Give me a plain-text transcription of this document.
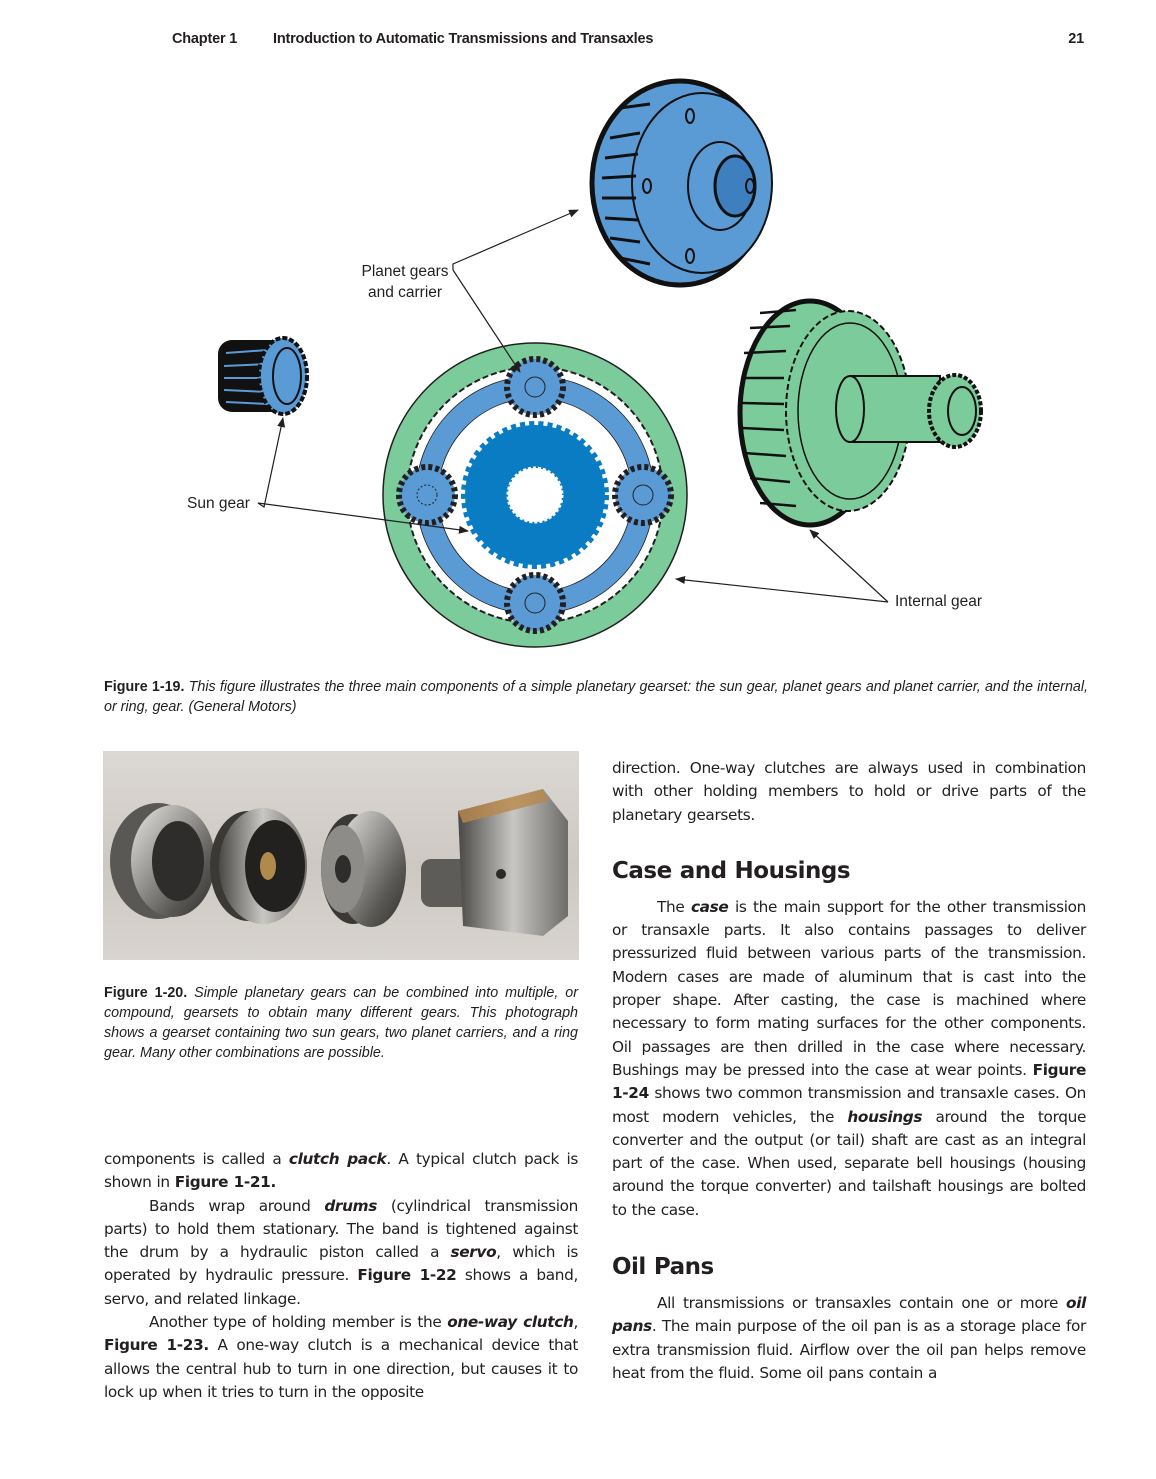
Chapter 1 Introduction to Automatic Transmissions and Transaxles	21
Planet gears
and carrier
Sun gear
Internal gear
Figure 1-19. This figure illustrates the three main components of a simple planetary gearset: the sun gear, planet gears and planet carrier, and the internal, or ring, gear. (General Motors)
Figure 1-20. Simple planetary gears can be combined into multiple, or compound, gearsets to obtain many different gears. This photograph shows a gearset containing two sun gears, two planet carriers, and a ring gear. Many other combinations are possible.

components is called a clutch pack. A typical clutch pack is shown in Figure 1-21.

Bands wrap around drums (cylindrical transmission parts) to hold them stationary. The band is tightened against the drum by a hydraulic piston called a servo, which is operated by hydraulic pressure. Figure 1-22 shows a band, servo, and related linkage.

Another type of holding member is the one-way clutch, Figure 1-23. A one-way clutch is a mechanical device that allows the central hub to turn in one direction, but causes it to lock up when it tries to turn in the opposite

direction. One-way clutches are always used in combination with other holding members to hold or drive parts of the planetary gearsets.

Case and Housings

The case is the main support for the other transmission or transaxle parts. It also contains passages to deliver pressurized fluid between various parts of the transmission. Modern cases are made of aluminum that is cast into the proper shape. After casting, the case is machined where necessary to form mating surfaces for the other components. Oil passages are then drilled in the case where necessary. Bushings may be pressed into the case at wear points. Figure 1-24 shows two common transmission and transaxle cases. On most modern vehicles, the housings around the torque converter and the output (or tail) shaft are cast as an integral part of the case. When used, separate bell housings (housing around the torque converter) and tailshaft housings are bolted to the case.

Oil Pans

All transmissions or transaxles contain one or more oil pans. The main purpose of the oil pan is as a storage place for extra transmission fluid. Airflow over the oil pan helps remove heat from the fluid. Some oil pans contain a
